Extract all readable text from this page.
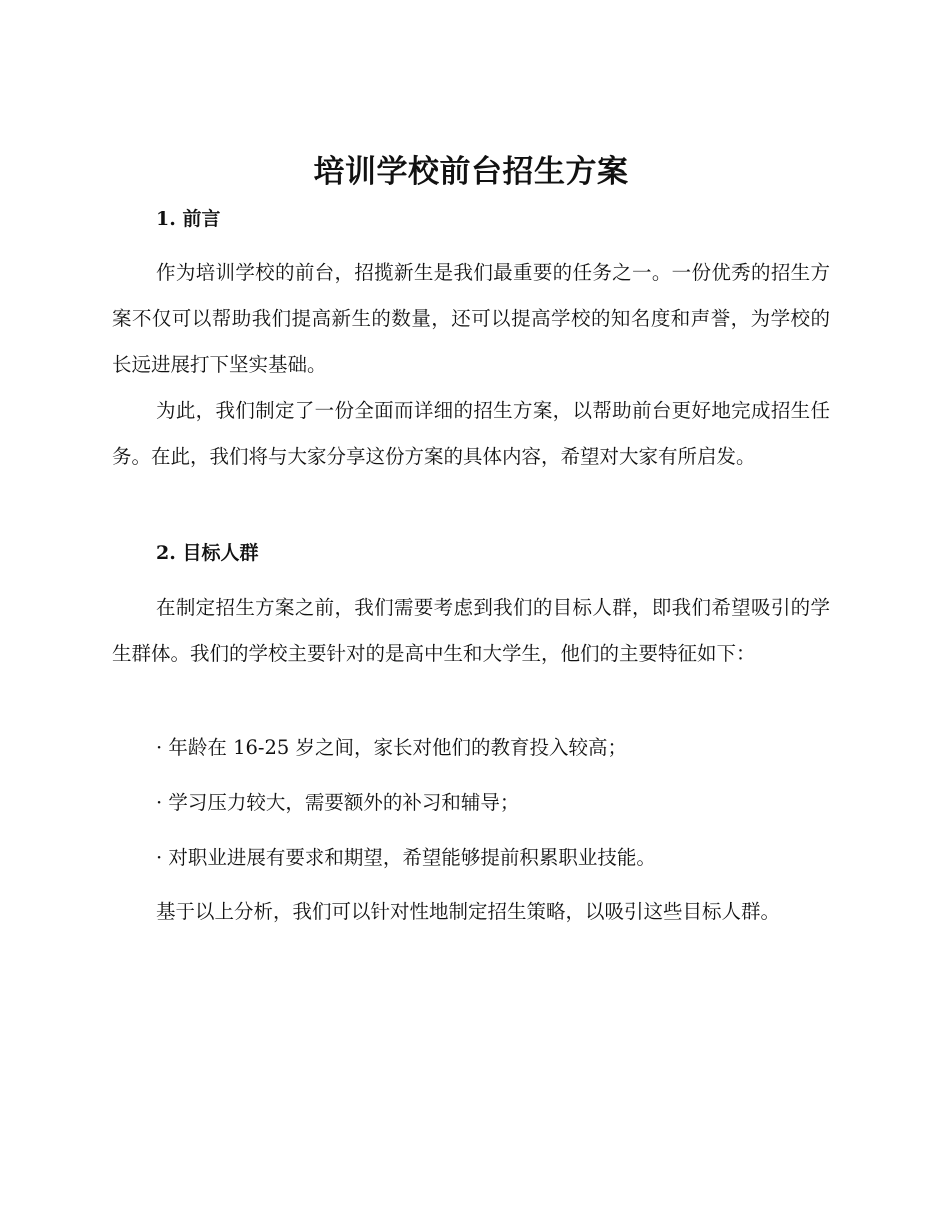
培训学校前台招生方案
1. 前言

作为培训学校的前台，招揽新生是我们最重要的任务之一。一份优秀的招生方案不仅可以帮助我们提高新生的数量，还可以提高学校的知名度和声誉，为学校的长远进展打下坚实基础。

为此，我们制定了一份全面而详细的招生方案，以帮助前台更好地完成招生任务。在此，我们将与大家分享这份方案的具体内容，希望对大家有所启发。

2. 目标人群

在制定招生方案之前，我们需要考虑到我们的目标人群，即我们希望吸引的学生群体。我们的学校主要针对的是高中生和大学生，他们的主要特征如下：

· 年龄在 16-25 岁之间，家长对他们的教育投入较高；

· 学习压力较大，需要额外的补习和辅导；

· 对职业进展有要求和期望，希望能够提前积累职业技能。

基于以上分析，我们可以针对性地制定招生策略，以吸引这些目标人群。
